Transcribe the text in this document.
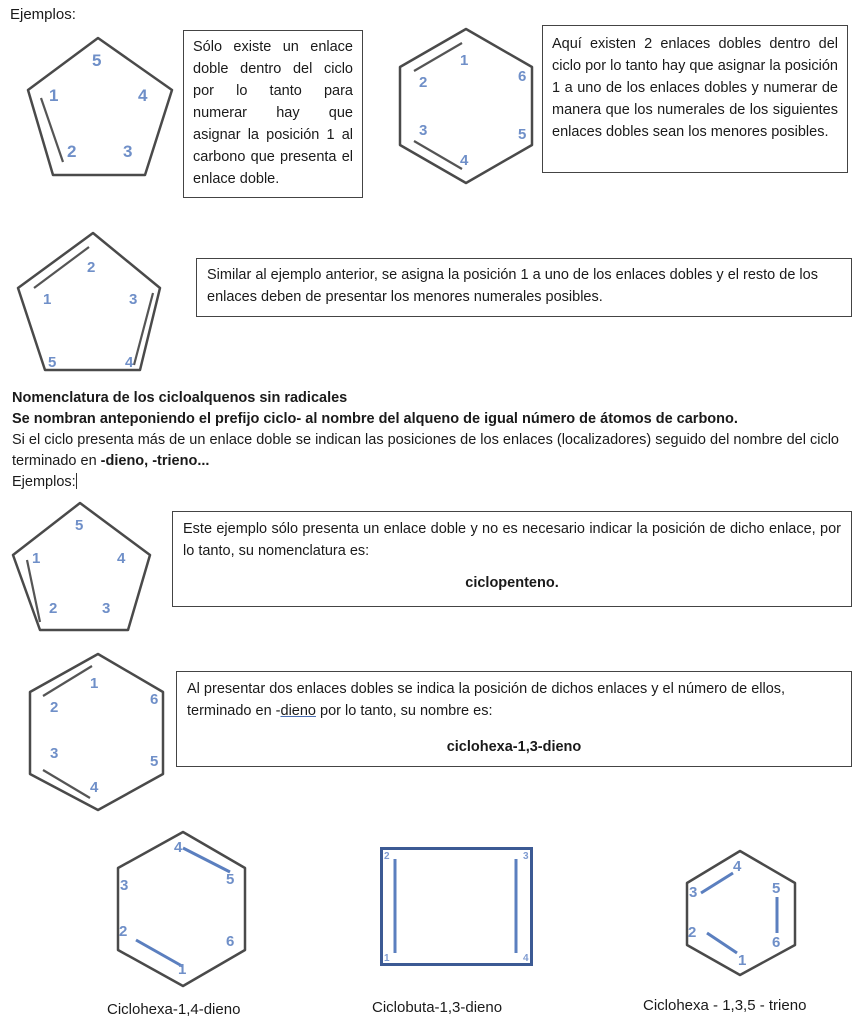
Ejemplos:
5
1	4
2	3
Sólo existe un enlace doble dentro del ciclo por lo tanto para numerar hay que asignar la posición 1 al carbono que presenta el enlace doble.
1
2
3
4
5
6
Aquí existen 2 enlaces dobles dentro del ciclo por lo tanto hay que asignar la posición 1 a uno de los enlaces dobles y numerar de manera que los numerales de los siguientes enlaces dobles sean los menores posibles.
2
1	3
4
5
Similar al ejemplo anterior, se asigna la posición 1 a uno de los enlaces dobles y el resto de los enlaces deben de presentar los menores numerales posibles.
Nomenclatura de los cicloalquenos sin radicales
Se nombran anteponiendo el prefijo ciclo- al nombre del alqueno de igual número de átomos de carbono.
Si el ciclo presenta más de un enlace doble se indican las posiciones de los enlaces (localizadores) seguido del nombre del ciclo terminado en -dieno, -trieno...
Ejemplos:
5
1	4
2	3
Este ejemplo sólo presenta un enlace doble y no es necesario indicar la posición de dicho enlace, por lo tanto, su nomenclatura es:
ciclopenteno.
1
2
3
4
5
6
Al presentar dos enlaces dobles se indica la posición de dichos enlaces y el número de ellos, terminado en -dieno por lo tanto, su nombre es:
ciclohexa-1,3-dieno
4
5
3
2
6
1
Ciclohexa-1,4-dieno
2	3
1	4
Ciclobuta-1,3-dieno
4
5
3
2
6
1
Ciclohexa - 1,3,5 - trieno
